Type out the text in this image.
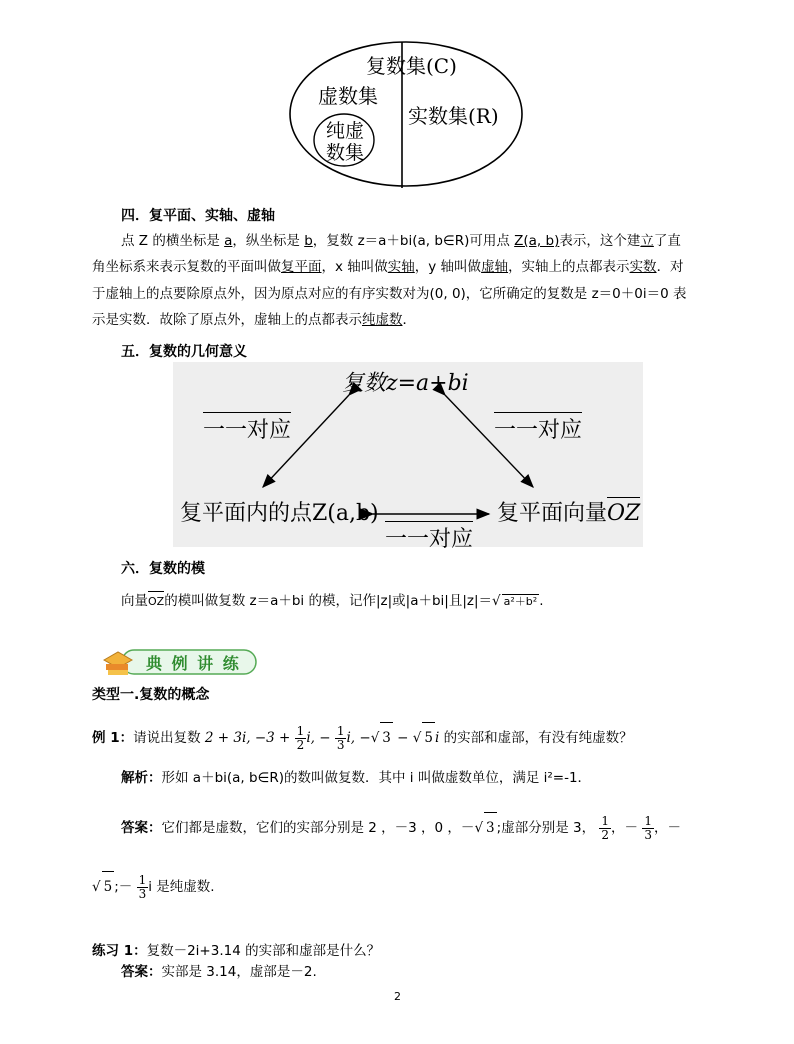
复数集(C)
虚数集
纯虚
数集
实数集(R)
四．复平面、实轴、虚轴
点 Z 的横坐标是 a，纵坐标是 b，复数 z＝a＋bi(a, b∈R)可用点 Z(a, b)表示，这个建立了直
角坐标系来表示复数的平面叫做复平面，x 轴叫做实轴，y 轴叫做虚轴，实轴上的点都表示实数．对
于虚轴上的点要除原点外，因为原点对应的有序实数对为(0, 0)，它所确定的复数是 z＝0＋0i＝0 表
示是实数．故除了原点外，虚轴上的点都表示纯虚数．
五．复数的几何意义
复数z=a+bi
一一对应	一一对应
复平面内的点Z(a,b)	复平面向量
OZ
一一对应
六．复数的模
向量
OZ的模叫做复数 z＝a＋bi 的模，记作|z|或|a＋bi|且|z|＝√ a²＋b² .
典 例 讲 练
类型一.复数的概念
例 1：请说出复数 2 + 3i, $-3 + \frac{1}{2} i$, − $\frac{1}{3} i$, −√ 3 − √ 5 i 的实部和虚部，有没有纯虚数？
解析：形如 a＋bi(a, b∈R)的数叫做复数．其中 i 叫做虚数单位，满足 i²=-1．
答案：它们都是虚数，它们的实部分别是 2 ，－3 ，0 ，－√ 3 ;虚部分别是 3， $\frac{1}{2}$ ，－ $\frac{1}{3}$ ，－
√ 5 ;－ $\frac{1}{3}$ i 是纯虚数.
练习 1：复数－2i+3.14 的实部和虚部是什么？
答案：实部是 3.14，虚部是－2.
2
